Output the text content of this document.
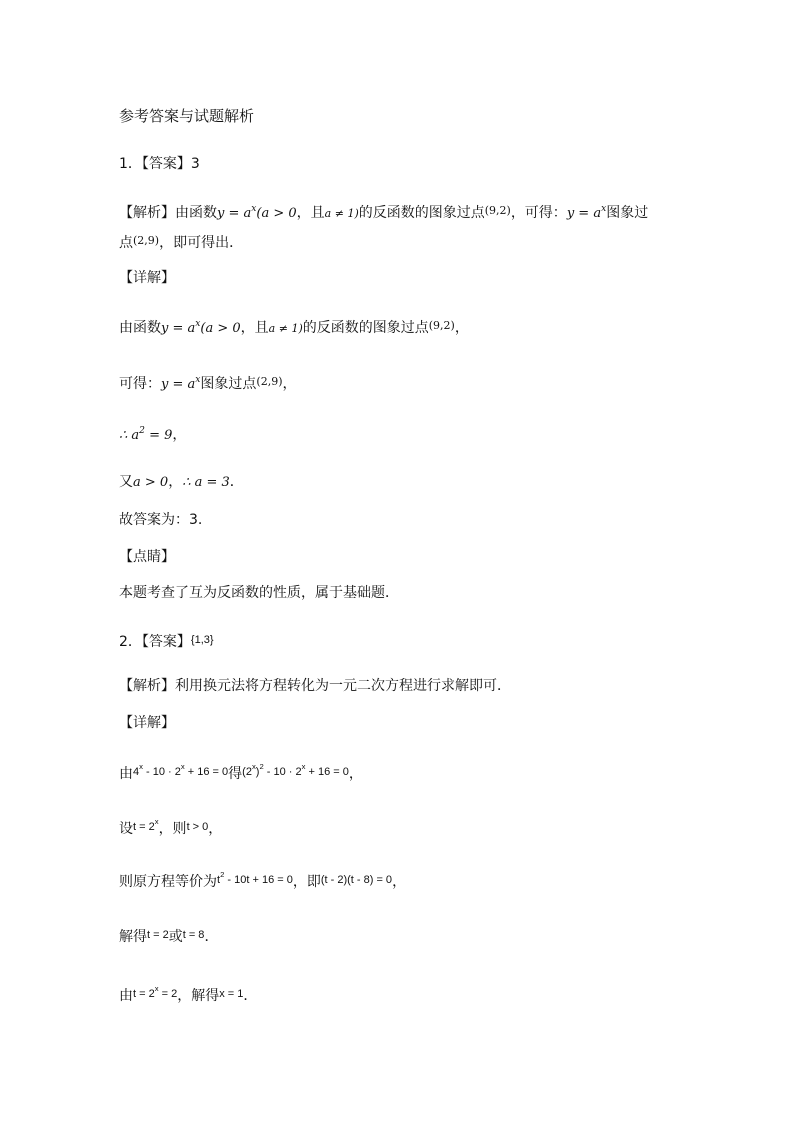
参考答案与试题解析
1．【答案】3
【解析】由函数$y = a^x(a > 0$，且a ≠ 1)的反函数的图象过点$^{(9,2)}$，可得：$y = a^x$图象过
点$^{(2,9)}$，即可得出．
【详解】
由函数$y = a^x(a > 0$，且a ≠ 1)的反函数的图象过点$^{(9,2)}$，
可得：$y = a^x$图象过点$^{(2,9)}$，
∴ $a^2 = 9$，
又a > 0，∴ a = 3．
故答案为：3.
【点睛】
本题考查了互为反函数的性质，属于基础题．
2．【答案】$^{\{1,3\}}$
【解析】利用换元法将方程转化为一元二次方程进行求解即可．
【详解】
由$^{4^x - 10 \cdot 2^x + 16 = 0}$得$^{(2^x)^2 - 10 \cdot 2^x + 16 = 0}$，
设$^{t = 2^x}$，则$^{t > 0}$，
则原方程等价为$^{t^2 - 10t + 16 = 0}$，即$^{(t - 2)(t - 8) = 0}$，
解得$^{t = 2}$或$^{t = 8}$．
由$^{t = 2^x = 2}$，解得$^{x = 1}$．
